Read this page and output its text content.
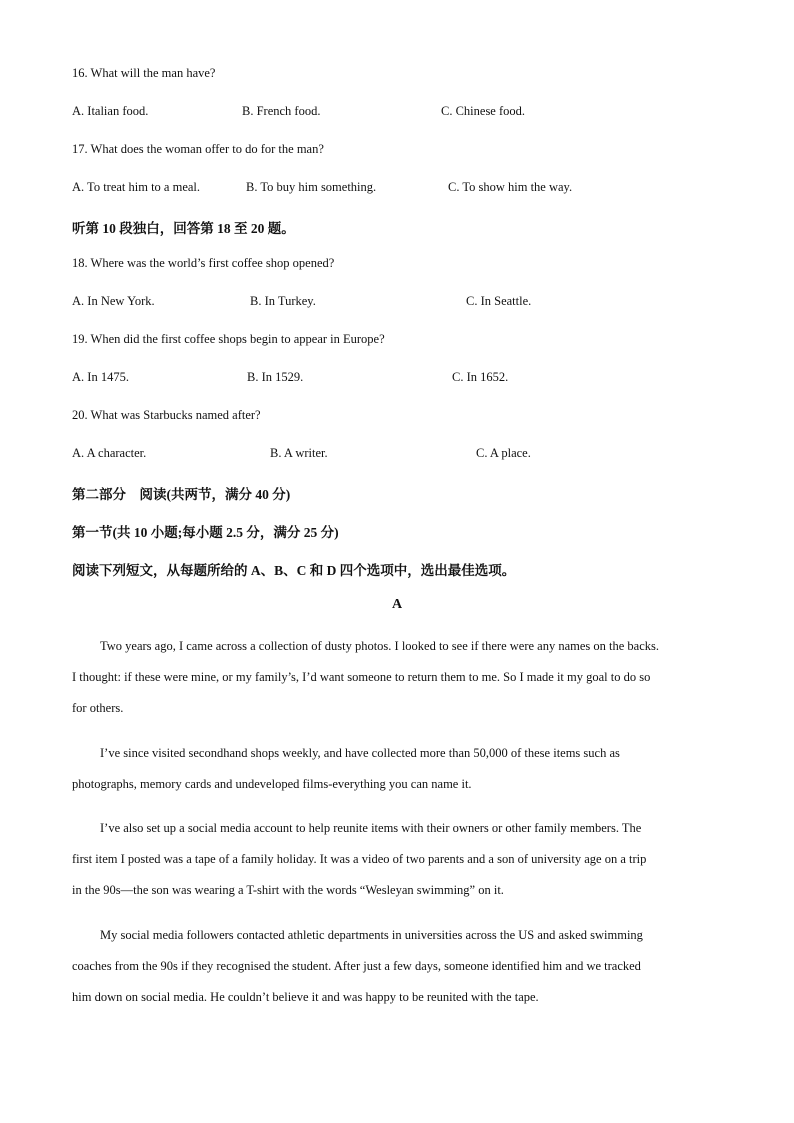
16. What will the man have?
A. Italian food.	B. French food.	C. Chinese food.
17. What does the woman offer to do for the man?
A. To treat him to a meal.	B. To buy him something.	C. To show him the way.
听第 10 段独白，回答第 18 至 20 题。
18. Where was the world’s first coffee shop opened?
A. In New York.	B. In Turkey.	C. In Seattle.
19. When did the first coffee shops begin to appear in Europe?
A. In 1475.	B. In 1529.	C. In 1652.
20. What was Starbucks named after?
A. A character.	B. A writer.	C. A place.
第二部分　阅读(共两节，满分 40 分)
第一节(共 10 小题;每小题 2.5 分，满分 25 分)
阅读下列短文，从每题所给的 A、B、C 和 D 四个选项中，选出最佳选项。
A
Two years ago, I came across a collection of dusty photos. I looked to see if there were any names on the backs.
I thought: if these were mine, or my family’s, I’d want someone to return them to me. So I made it my goal to do so
for others.
I’ve since visited secondhand shops weekly, and have collected more than 50,000 of these items such as
photographs, memory cards and undeveloped films-everything you can name it.
I’ve also set up a social media account to help reunite items with their owners or other family members. The
first item I posted was a tape of a family holiday. It was a video of two parents and a son of university age on a trip
in the 90s—the son was wearing a T-shirt with the words “Wesleyan swimming” on it.
My social media followers contacted athletic departments in universities across the US and asked swimming
coaches from the 90s if they recognised the student. After just a few days, someone identified him and we tracked
him down on social media. He couldn’t believe it and was happy to be reunited with the tape.
